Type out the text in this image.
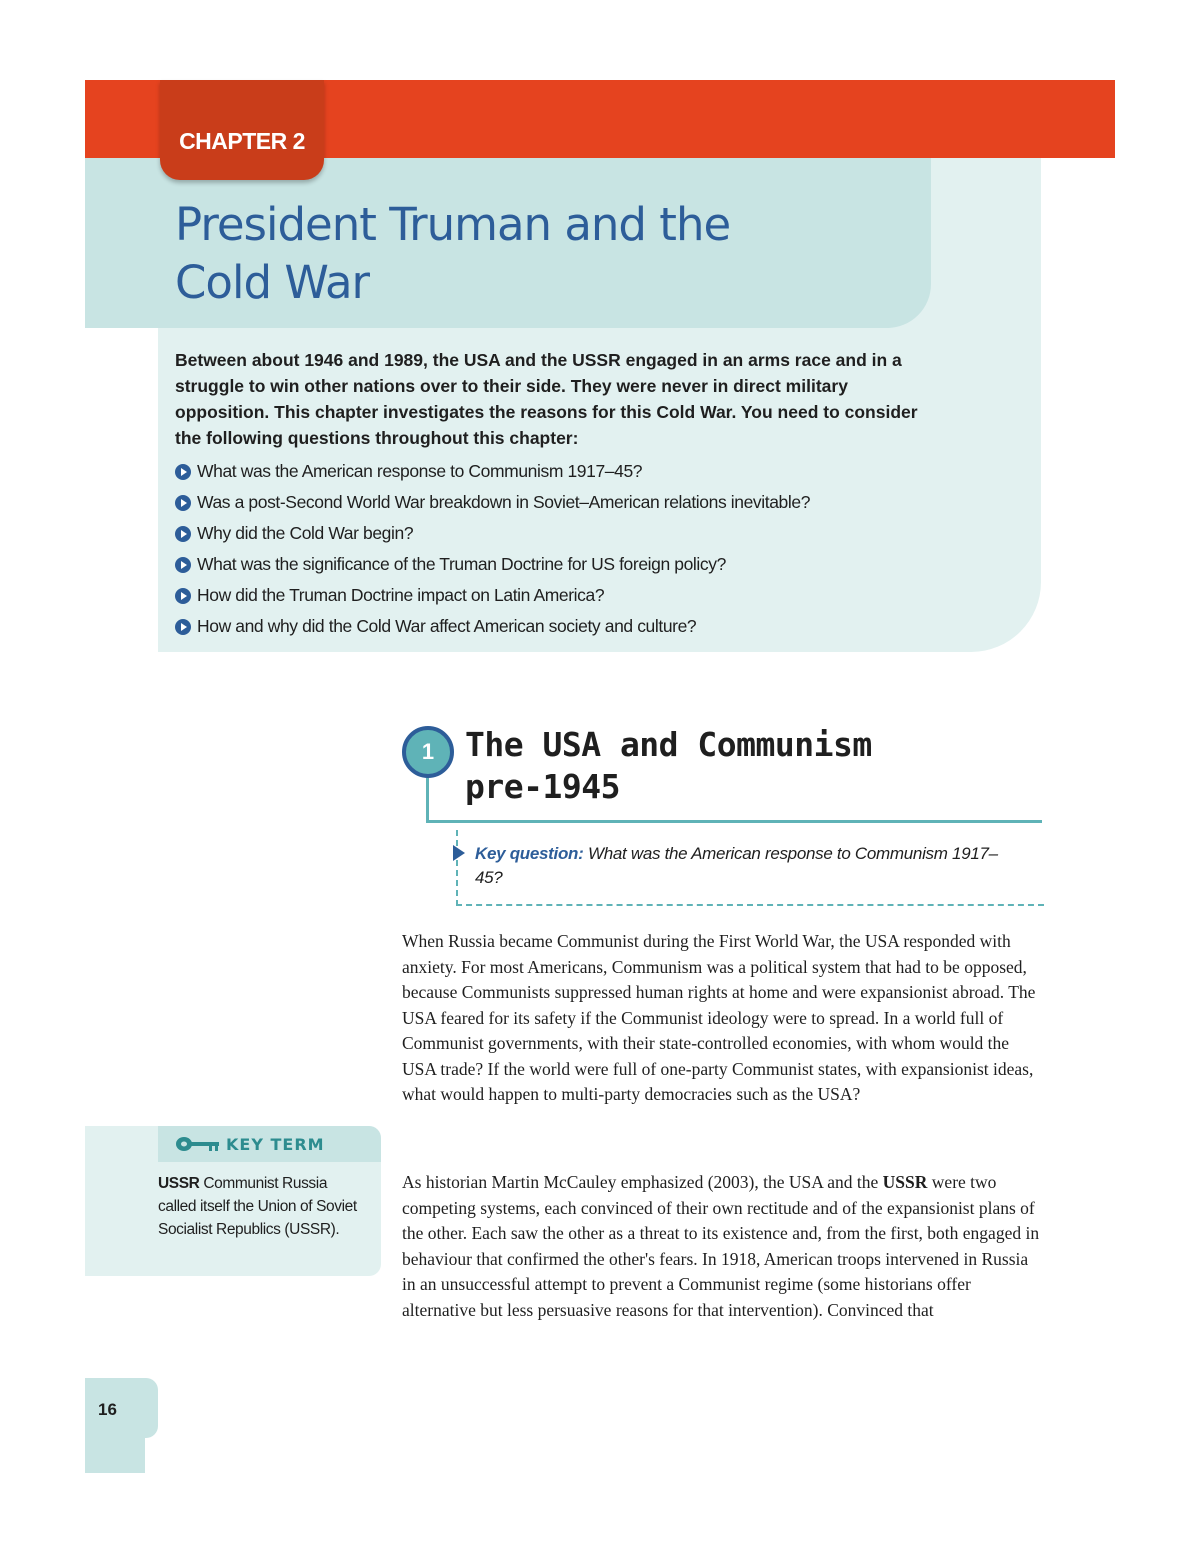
CHAPTER 2
President Truman and the
Cold War

Between about 1946 and 1989, the USA and the USSR engaged in an arms race and in a struggle to win other nations over to their side. They were never in direct military opposition. This chapter investigates the reasons for this Cold War. You need to consider the following questions throughout this chapter:

What was the American response to Communism 1917–45?
Was a post-Second World War breakdown in Soviet–American relations inevitable?
Why did the Cold War begin?
What was the significance of the Truman Doctrine for US foreign policy?
How did the Truman Doctrine impact on Latin America?
How and why did the Cold War affect American society and culture?
1 The USA and Communism
pre-1945
Key question: What was the American response to Communism 1917–45?

When Russia became Communist during the First World War, the USA responded with anxiety. For most Americans, Communism was a political system that had to be opposed, because Communists suppressed human rights at home and were expansionist abroad. The USA feared for its safety if the Communist ideology were to spread. In a world full of Communist governments, with their state-controlled economies, with whom would the USA trade? If the world were full of one-party Communist states, with expansionist ideas, what would happen to multi-party democracies such as the USA?

As historian Martin McCauley emphasized (2003), the USA and the USSR were two competing systems, each convinced of their own rectitude and of the expansionist plans of the other. Each saw the other as a threat to its existence and, from the first, both engaged in behaviour that confirmed the other's fears. In 1918, American troops intervened in Russia in an unsuccessful attempt to prevent a Communist regime (some historians offer alternative but less persuasive reasons for that intervention). Convinced that

KEY TERM
USSR Communist Russia called itself the Union of Soviet Socialist Republics (USSR).
16
